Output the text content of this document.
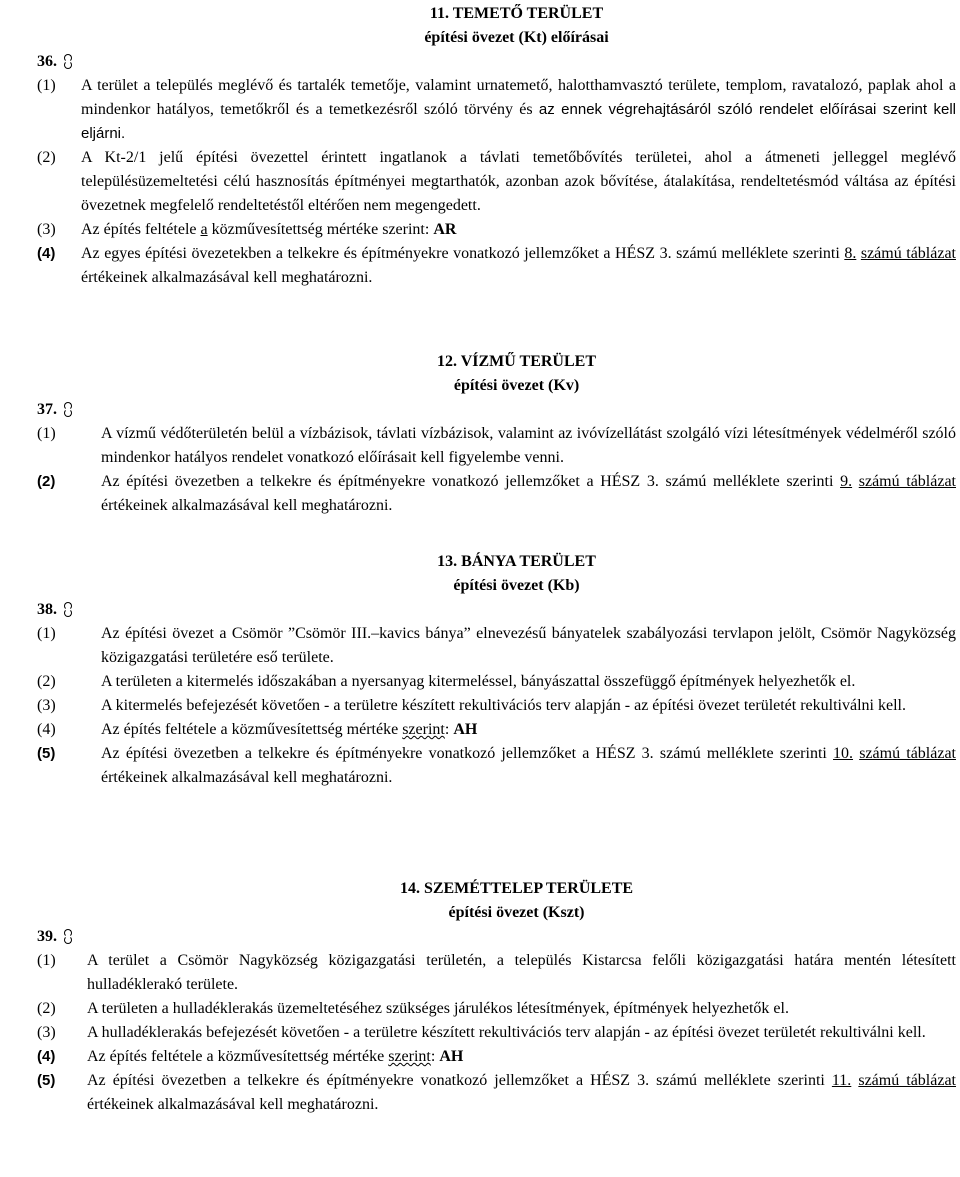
11. TEMETŐ TERÜLET
építési övezet (Kt) előírásai
36.
(1)	A terület a település meglévő és tartalék temetője, valamint urnatemető, halotthamvasztó területe, templom, ravatalozó, paplak ahol a mindenkor hatályos, temetőkről és a temetkezésről szóló törvény és az ennek végrehajtásáról szóló rendelet előírásai szerint kell eljárni.
(2)	A Kt-2/1 jelű építési övezettel érintett ingatlanok a távlati temetőbővítés területei, ahol a átmeneti jelleggel meglévő településüzemeltetési célú hasznosítás építményei megtarthatók, azonban azok bővítése, átalakítása, rendeltetésmód váltása az építési övezetnek megfelelő rendeltetéstől eltérően nem megengedett.
(3)	Az építés feltétele a közművesítettség mértéke szerint: AR
(4)	Az egyes építési övezetekben a telkekre és építményekre vonatkozó jellemzőket a HÉSZ 3. számú melléklete szerinti 8. számú táblázat értékeinek alkalmazásával kell meghatározni.
12. VÍZMŰ TERÜLET
építési övezet (Kv)
37.
(1)	A vízmű védőterületén belül a vízbázisok, távlati vízbázisok, valamint az ivóvízellátást szolgáló vízi létesítmények védelméről szóló mindenkor hatályos rendelet vonatkozó előírásait kell figyelembe venni.
(2)	Az építési övezetben a telkekre és építményekre vonatkozó jellemzőket a HÉSZ 3. számú melléklete szerinti 9. számú táblázat értékeinek alkalmazásával kell meghatározni.
13. BÁNYA TERÜLET
építési övezet (Kb)
38.
(1)	Az építési övezet a Csömör ”Csömör III.–kavics bánya” elnevezésű bányatelek szabályozási tervlapon jelölt, Csömör Nagyközség közigazgatási területére eső területe.
(2)	A területen a kitermelés időszakában a nyersanyag kitermeléssel, bányászattal összefüggő építmények helyezhetők el.
(3)	A kitermelés befejezését követően - a területre készített rekultivációs terv alapján - az építési övezet területét rekultiválni kell.
(4)	Az építés feltétele a közművesítettség mértéke szerint: AH
(5)	Az építési övezetben a telkekre és építményekre vonatkozó jellemzőket a HÉSZ 3. számú melléklete szerinti 10. számú táblázat értékeinek alkalmazásával kell meghatározni.
14. SZEMÉTTELEP TERÜLETE
építési övezet (Kszt)
39.
(1)	A terület a Csömör Nagyközség közigazgatási területén, a település Kistarcsa felőli közigazgatási határa mentén létesített hulladéklerakó területe.
(2)	A területen a hulladéklerakás üzemeltetéséhez szükséges járulékos létesítmények, építmények helyezhetők el.
(3)	A hulladéklerakás befejezését követően - a területre készített rekultivációs terv alapján - az építési övezet területét rekultiválni kell.
(4)	Az építés feltétele a közművesítettség mértéke szerint: AH
(5)	Az építési övezetben a telkekre és építményekre vonatkozó jellemzőket a HÉSZ 3. számú melléklete szerinti 11. számú táblázat értékeinek alkalmazásával kell meghatározni.
